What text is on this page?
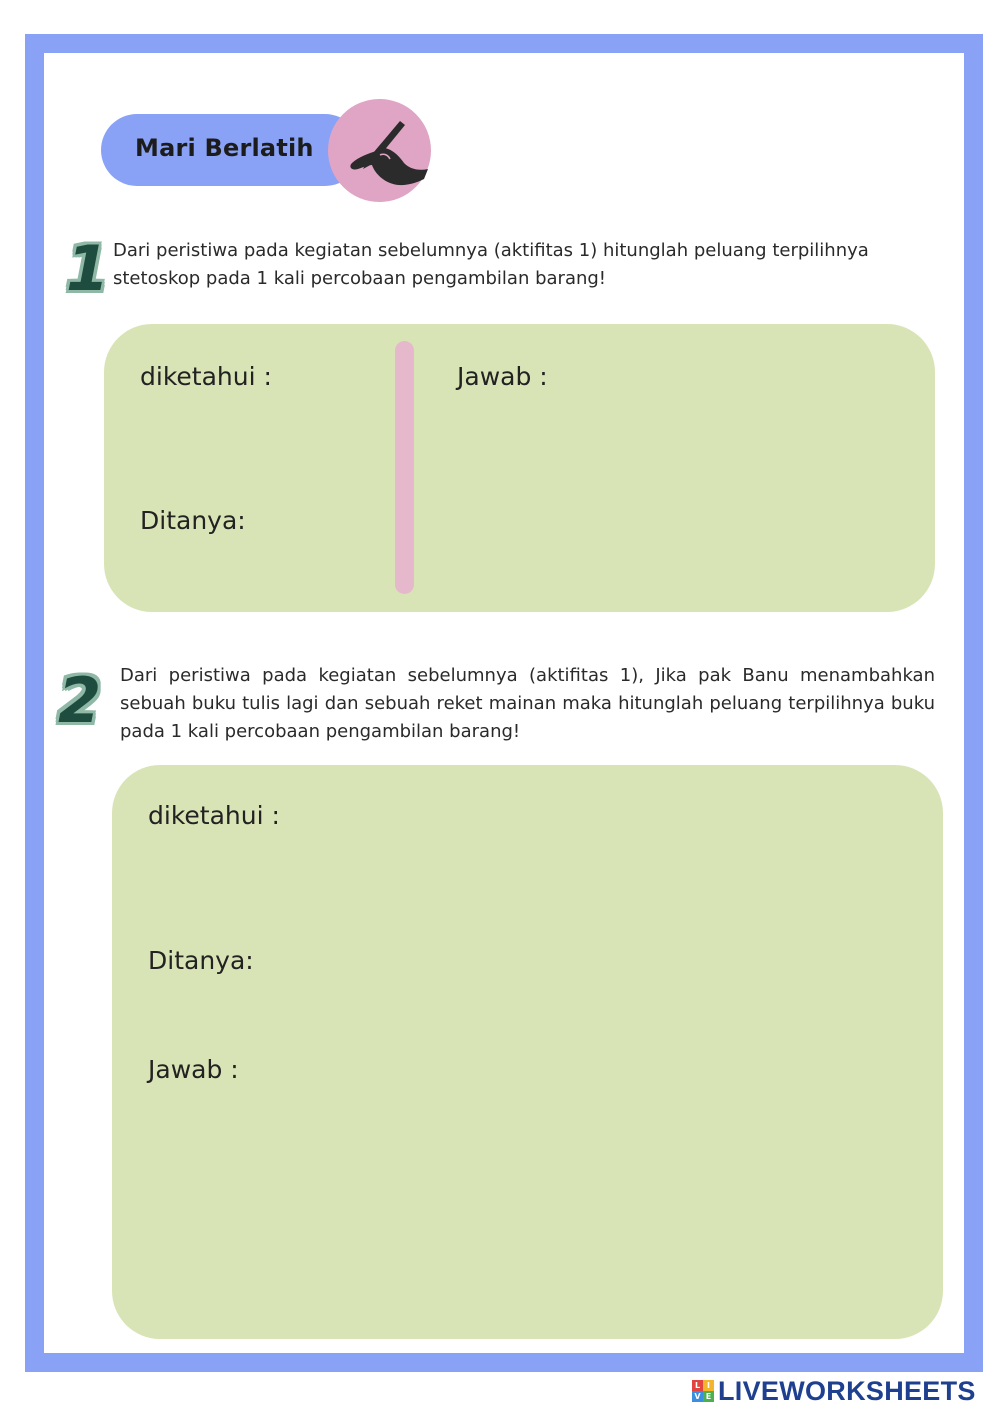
Mari Berlatih
1 Dari peristiwa pada kegiatan sebelumnya (aktifitas 1) hitunglah peluang terpilihnya stetoskop pada 1 kali percobaan pengambilan barang!
diketahui :
Ditanya:
Jawab :
2 Dari peristiwa pada kegiatan sebelumnya (aktifitas 1), Jika pak Banu menambahkan sebuah buku tulis lagi dan sebuah reket mainan maka hitunglah peluang terpilihnya buku pada 1 kali percobaan pengambilan barang!
diketahui :
Ditanya:
Jawab :
L I
V E LIVEWORKSHEETS
